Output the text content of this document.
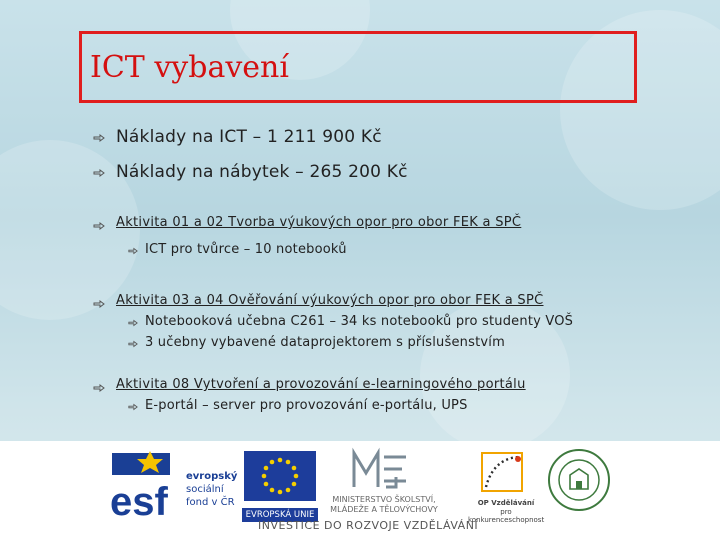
ICT vybavení
Náklady na ICT – 1 211 900 Kč
Náklady na nábytek – 265 200 Kč
Aktivita 01 a 02 Tvorba výukových opor pro obor FEK a SPČ
ICT pro tvůrce – 10 notebooků
Aktivita 03 a 04 Ověřování výukových opor pro obor FEK a SPČ
Notebooková učebna C261 – 34 ks notebooků pro studenty VOŠ
3 učebny vybavené dataprojektorem s příslušenstvím
Aktivita 08 Vytvoření a provozování e-learningového portálu
E-portál – server pro provozování e-portálu, UPS
esf
evropský
sociální
fond v ČR
EVROPSKÁ UNIE
MINISTERSTVO ŠKOLSTVÍ,
MLÁDEŽE A TĚLOVÝCHOVY
OP Vzdělávání
pro konkurenceschopnost
INVESTICE DO ROZVOJE VZDĚLÁVÁNÍ
